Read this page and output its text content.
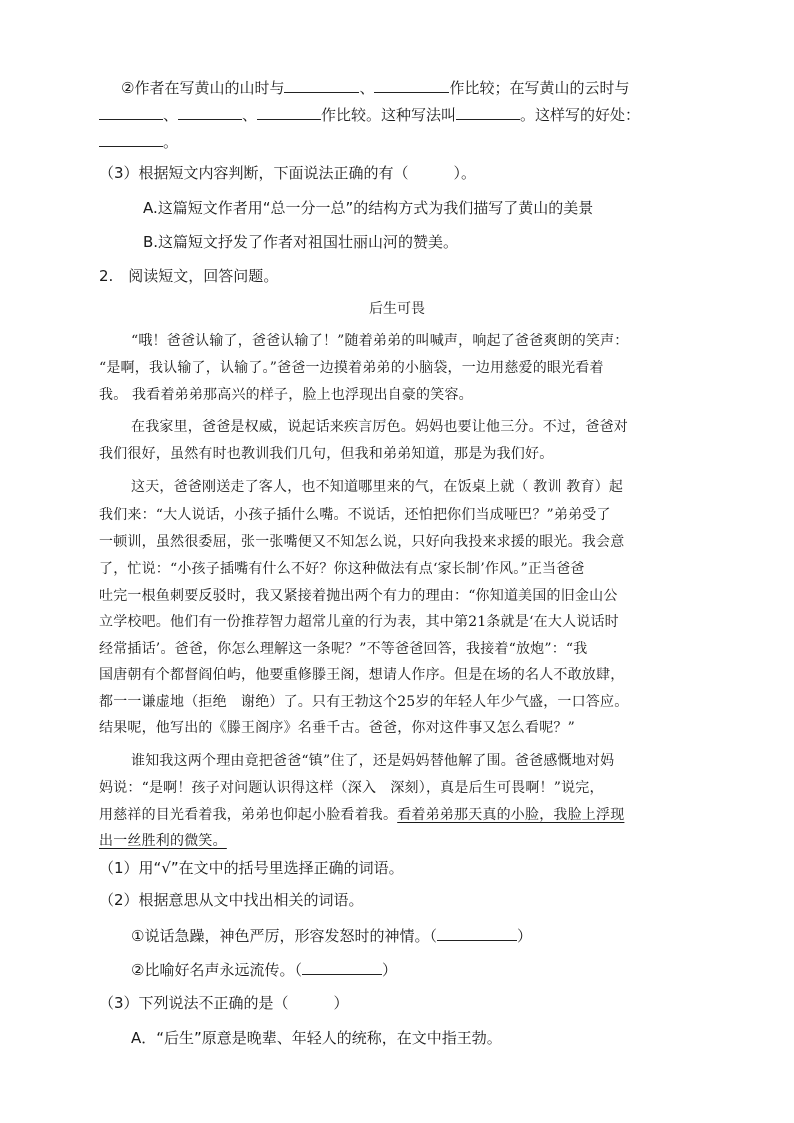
②作者在写黄山的山时与	、	作比较；在写黄山的云时与
、	、	作比较。这种写法叫	。这样写的好处：
。
（3）根据短文内容判断，下面说法正确的有（　　　）。
A.这篇短文作者用“总一分一总”的结构方式为我们描写了黄山的美景
B.这篇短文抒发了作者对祖国壮丽山河的赞美。
2.　阅读短文，回答问题。
后生可畏
“哦！爸爸认输了，爸爸认输了！”随着弟弟的叫喊声，响起了爸爸爽朗的笑声：
“是啊，我认输了，认输了。”爸爸一边摸着弟弟的小脑袋，一边用慈爱的眼光看着
我。 我看着弟弟那高兴的样子，脸上也浮现出自豪的笑容。
在我家里，爸爸是权威，说起话来疾言厉色。妈妈也要让他三分。不过，爸爸对
我们很好，虽然有时也教训我们几句，但我和弟弟知道，那是为我们好。
这天，爸爸刚送走了客人，也不知道哪里来的气，在饭桌上就（ 教训 教育）起
我们来：“大人说话，小孩子插什么嘴。不说话，还怕把你们当成哑巴？”弟弟受了
一顿训，虽然很委屈，张一张嘴便又不知怎么说，只好向我投来求援的眼光。我会意
了，忙说：“小孩子插嘴有什么不好？你这种做法有点‘家长制’作风。”正当爸爸
吐完一根鱼刺要反驳时，我又紧接着抛出两个有力的理由：“你知道美国的旧金山公
立学校吧。他们有一份推荐智力超常儿童的行为表，其中第21条就是‘在大人说话时
经常插话’。爸爸，你怎么理解这一条呢？”不等爸爸回答，我接着“放炮”：“我
国唐朝有个都督阎伯屿，他要重修滕王阁，想请人作序。但是在场的名人不敢放肆，
都一一谦虚地（拒绝　谢绝）了。只有王勃这个25岁的年轻人年少气盛，一口答应。
结果呢，他写出的《滕王阁序》名垂千古。爸爸，你对这件事又怎么看呢？”
谁知我这两个理由竟把爸爸“镇”住了，还是妈妈替他解了围。爸爸感慨地对妈
妈说：“是啊！孩子对问题认识得这样（深入　深刻），真是后生可畏啊！”说完，
用慈祥的目光看着我，弟弟也仰起小脸看着我。看着弟弟那天真的小脸，我脸上浮现
出一丝胜利的微笑。
（1）用“√”在文中的括号里选择正确的词语。
（2）根据意思从文中找出相关的词语。
①说话急躁，神色严厉，形容发怒时的神情。（	）
②比喻好名声永远流传。（	）
（3）下列说法不正确的是（　　　）
A．“后生”原意是晚辈、年轻人的统称，在文中指王勃。
